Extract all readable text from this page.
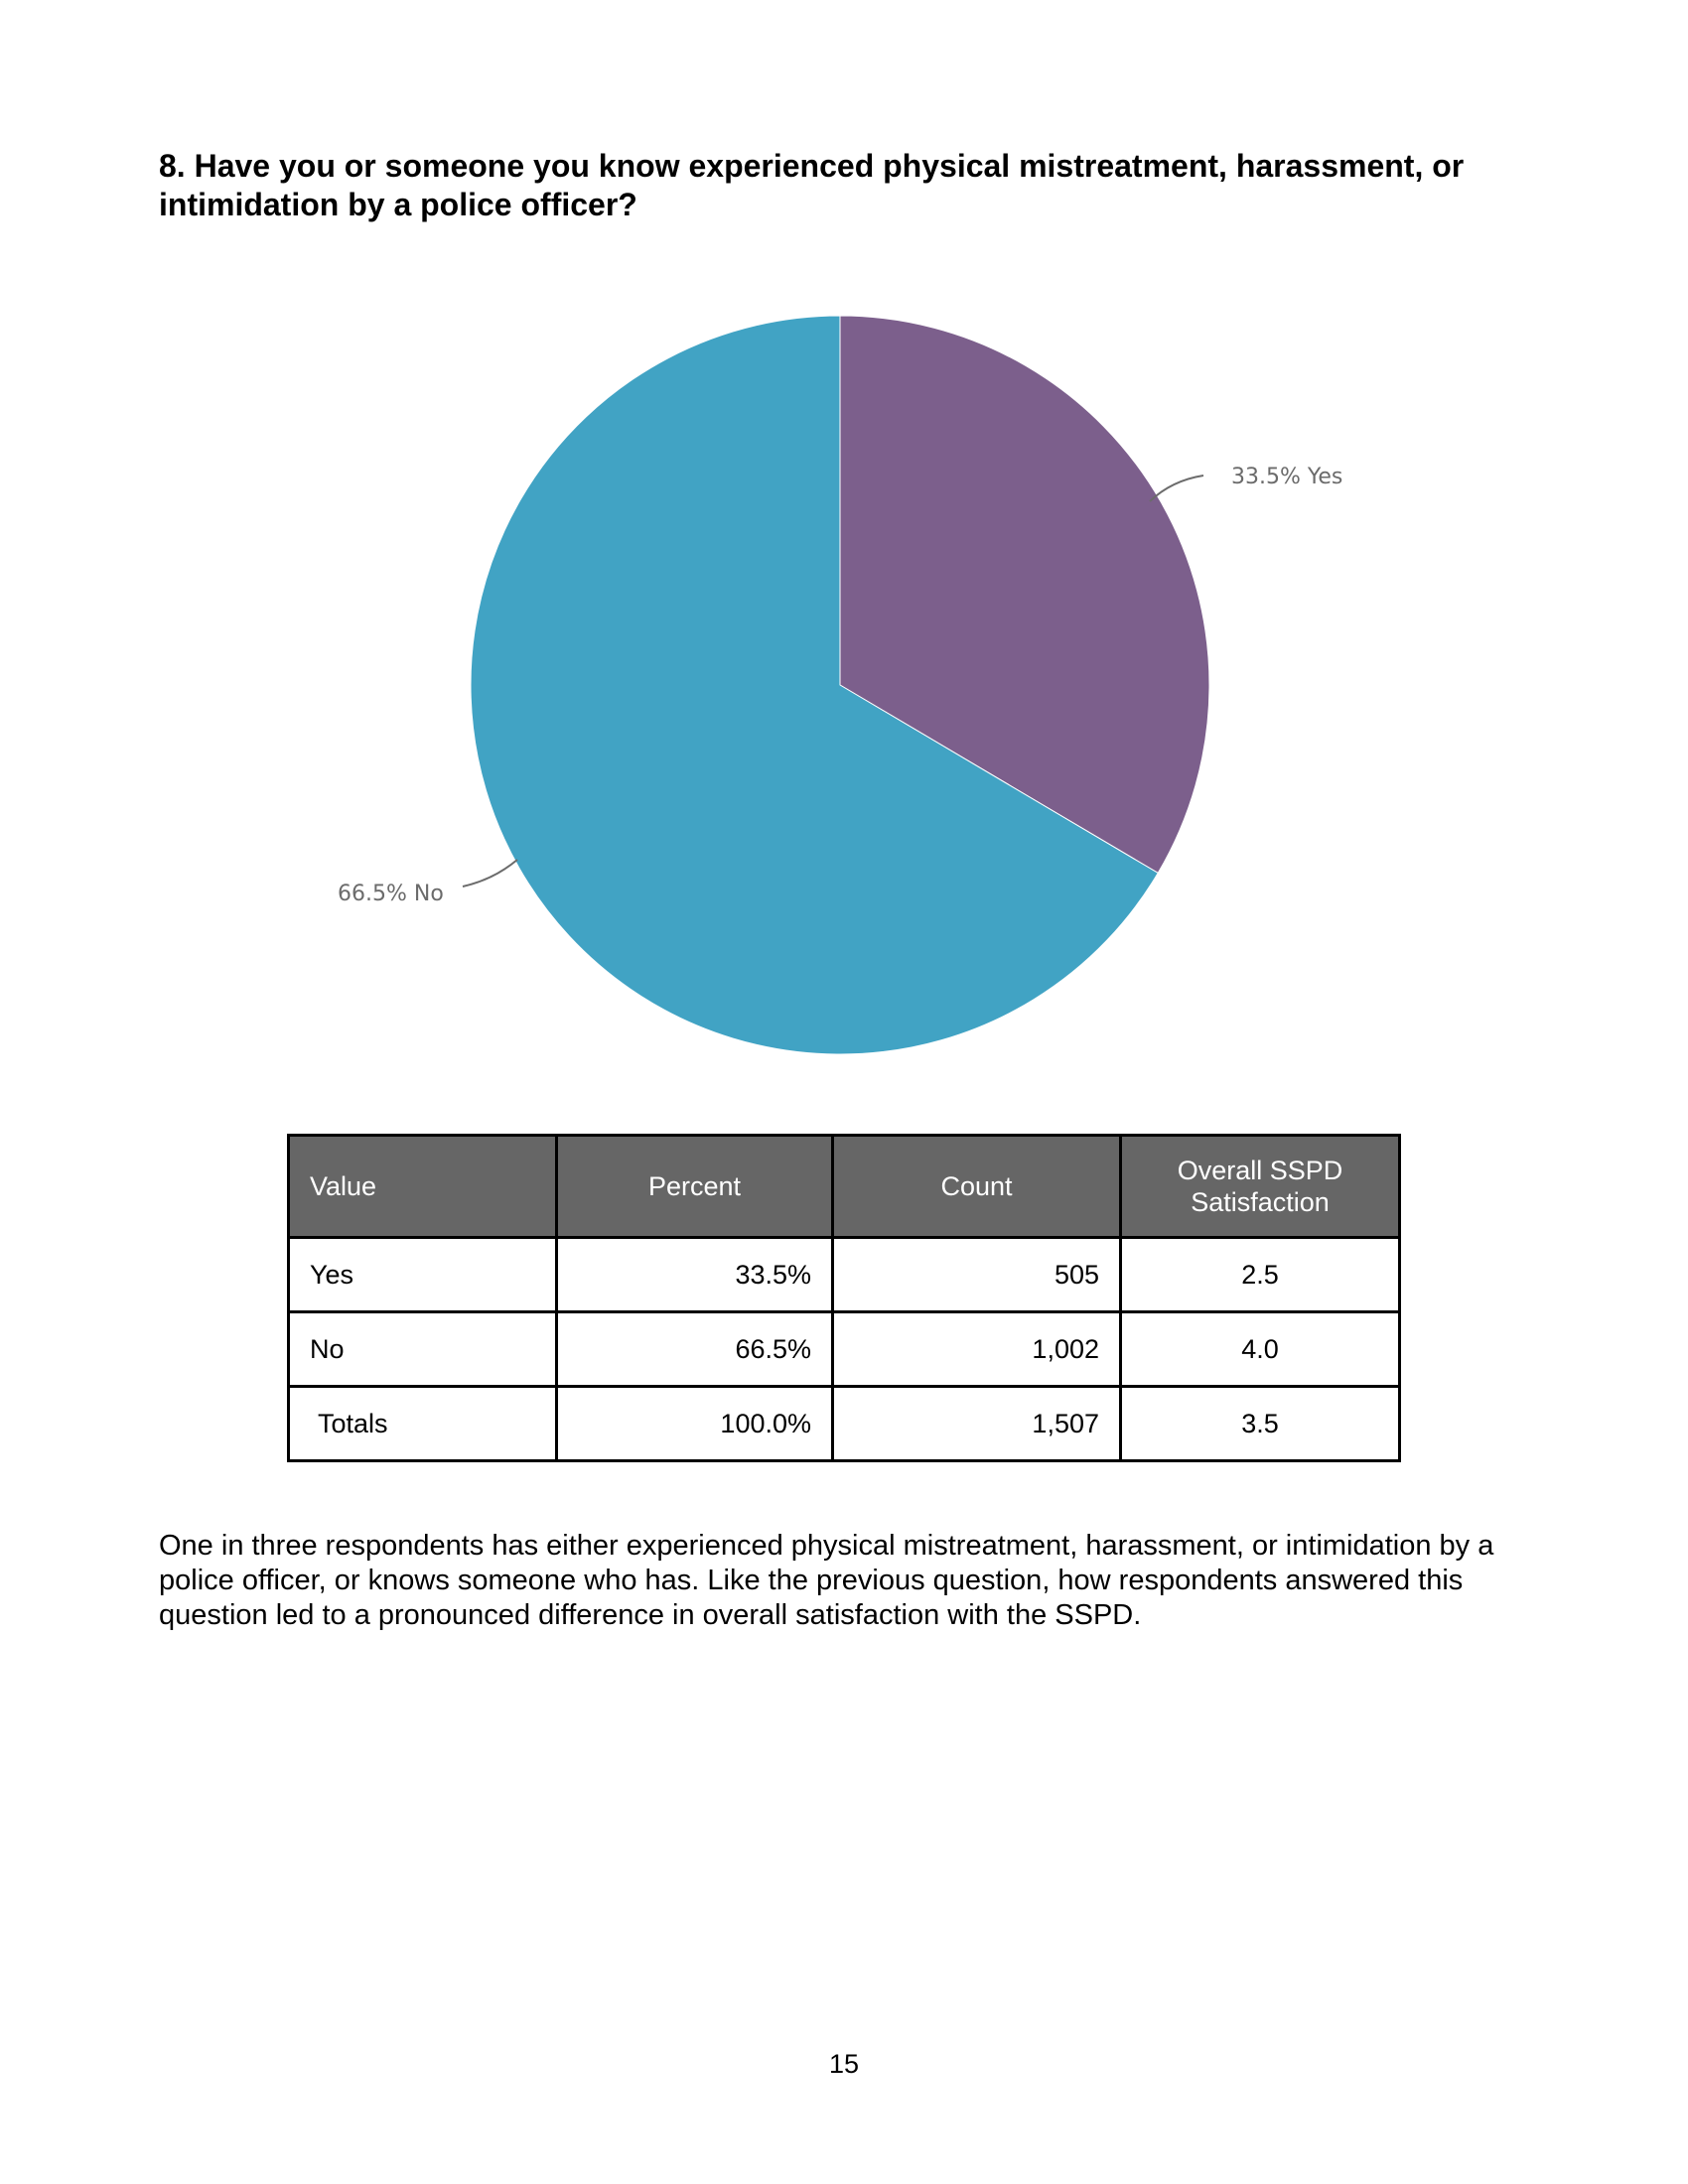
8. Have you or someone you know experienced physical mistreatment, harassment, or intimidation by a police officer?
33.5% Yes
66.5% No
Value	Percent	Count	Overall SSPD
Satisfaction
Yes	33.5%	505	2.5
No	66.5%	1,002	4.0
Totals	100.0%	1,507	3.5

One in three respondents has either experienced physical mistreatment, harassment, or intimidation by a police officer, or knows someone who has. Like the previous question, how respondents answered this question led to a pronounced difference in overall satisfaction with the SSPD.

15
